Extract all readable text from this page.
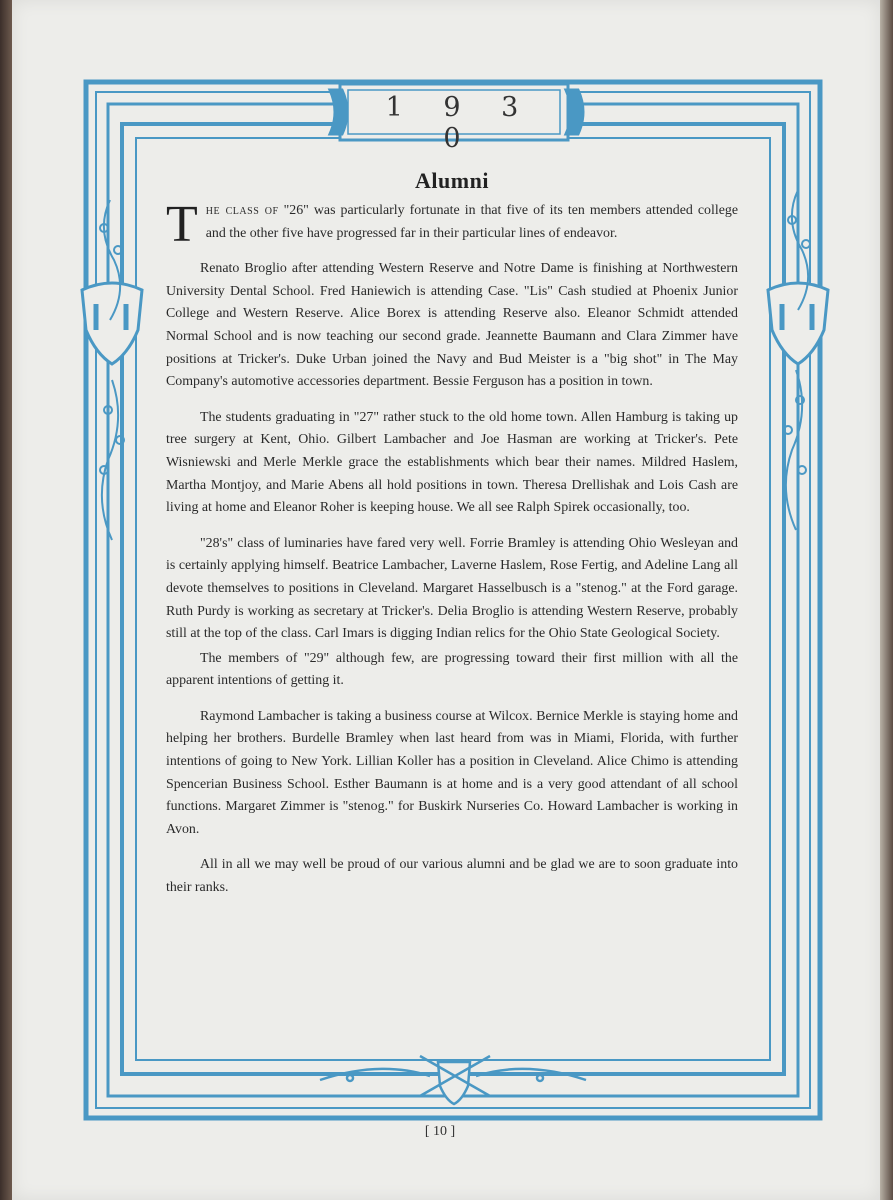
1 9 3 0
Alumni

The class of "26" was particularly fortunate in that five of its ten members attended college and the other five have progressed far in their particular lines of endeavor.

Renato Broglio after attending Western Reserve and Notre Dame is finishing at Northwestern University Dental School. Fred Haniewich is attending Case. "Lis" Cash studied at Phoenix Junior College and Western Reserve. Alice Borex is attending Reserve also. Eleanor Schmidt attended Normal School and is now teaching our second grade. Jeannette Baumann and Clara Zimmer have positions at Tricker's. Duke Urban joined the Navy and Bud Meister is a "big shot" in The May Company's automotive accessories department. Bessie Ferguson has a position in town.

The students graduating in "27" rather stuck to the old home town. Allen Hamburg is taking up tree surgery at Kent, Ohio. Gilbert Lambacher and Joe Hasman are working at Tricker's. Pete Wisniewski and Merle Merkle grace the establishments which bear their names. Mildred Haslem, Martha Montjoy, and Marie Abens all hold positions in town. Theresa Drellishak and Lois Cash are living at home and Eleanor Roher is keeping house. We all see Ralph Spirek occasionally, too.

"28's" class of luminaries have fared very well. Forrie Bramley is attending Ohio Wesleyan and is certainly applying himself. Beatrice Lambacher, Laverne Haslem, Rose Fertig, and Adeline Lang all devote themselves to positions in Cleveland. Margaret Hasselbusch is a "stenog." at the Ford garage. Ruth Purdy is working as secretary at Tricker's. Delia Broglio is attending Western Reserve, probably still at the top of the class. Carl Imars is digging Indian relics for the Ohio State Geological Society.

The members of "29" although few, are progressing toward their first million with all the apparent intentions of getting it.

Raymond Lambacher is taking a business course at Wilcox. Bernice Merkle is staying home and helping her brothers. Burdelle Bramley when last heard from was in Miami, Florida, with further intentions of going to New York. Lillian Koller has a position in Cleveland. Alice Chimo is attending Spencerian Business School. Esther Baumann is at home and is a very good attendant of all school functions. Margaret Zimmer is "stenog." for Buskirk Nurseries Co. Howard Lambacher is working in Avon.

All in all we may well be proud of our various alumni and be glad we are to soon graduate into their ranks.

[ 10 ]
